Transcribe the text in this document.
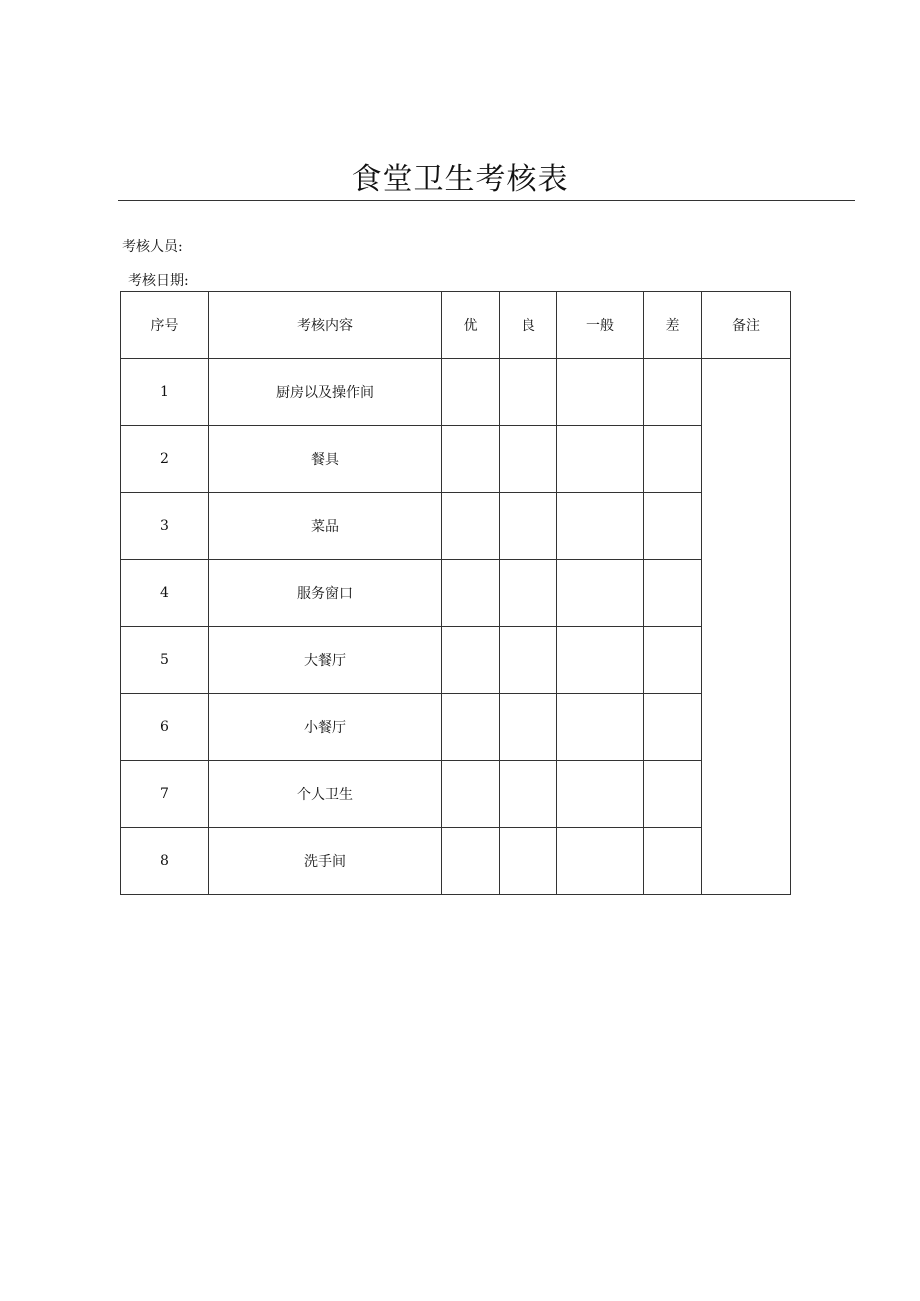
食堂卫生考核表
考核人员:
考核日期:
序号	考核内容	优	良	一般	差	备注
1	厨房以及操作间					
2	餐具					
3	菜品					
4	服务窗口					
5	大餐厅					
6	小餐厅					
7	个人卫生					
8	洗手间					
